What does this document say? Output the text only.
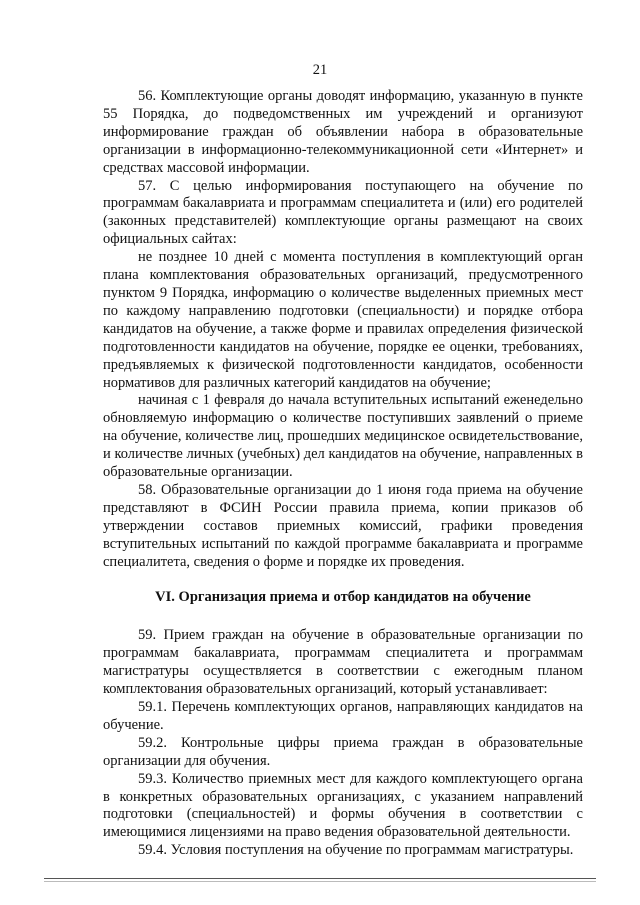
21

56. Комплектующие органы доводят информацию, указанную в пункте 55 Порядка, до подведомственных им учреждений и организуют информирование граждан об объявлении набора в образовательные организации в информационно-телекоммуникационной сети «Интернет» и средствах массовой информации.

57. С целью информирования поступающего на обучение по программам бакалавриата и программам специалитета и (или) его родителей (законных представителей) комплектующие органы размещают на своих официальных сайтах:

не позднее 10 дней с момента поступления в комплектующий орган плана комплектования образовательных организаций, предусмотренного пунктом 9 Порядка, информацию о количестве выделенных приемных мест по каждому направлению подготовки (специальности) и порядке отбора кандидатов на обучение, а также форме и правилах определения физической подготовленности кандидатов на обучение, порядке ее оценки, требованиях, предъявляемых к физической подготовленности кандидатов, особенности нормативов для различных категорий кандидатов на обучение;

начиная с 1 февраля до начала вступительных испытаний еженедельно обновляемую информацию о количестве поступивших заявлений о приеме на обучение, количестве лиц, прошедших медицинское освидетельствование, и количестве личных (учебных) дел кандидатов на обучение, направленных в образовательные организации.

58. Образовательные организации до 1 июня года приема на обучение представляют в ФСИН России правила приема, копии приказов об утверждении составов приемных комиссий, графики проведения вступительных испытаний по каждой программе бакалавриата и программе специалитета, сведения о форме и порядке их проведения.

VI. Организация приема и отбор кандидатов на обучение

59. Прием граждан на обучение в образовательные организации по программам бакалавриата, программам специалитета и программам магистратуры осуществляется в соответствии с ежегодным планом комплектования образовательных организаций, который устанавливает:

59.1. Перечень комплектующих органов, направляющих кандидатов на обучение.

59.2. Контрольные цифры приема граждан в образовательные организации для обучения.

59.3. Количество приемных мест для каждого комплектующего органа в конкретных образовательных организациях, с указанием направлений подготовки (специальностей) и формы обучения в соответствии с имеющимися лицензиями на право ведения образовательной деятельности.

59.4. Условия поступления на обучение по программам магистратуры.
